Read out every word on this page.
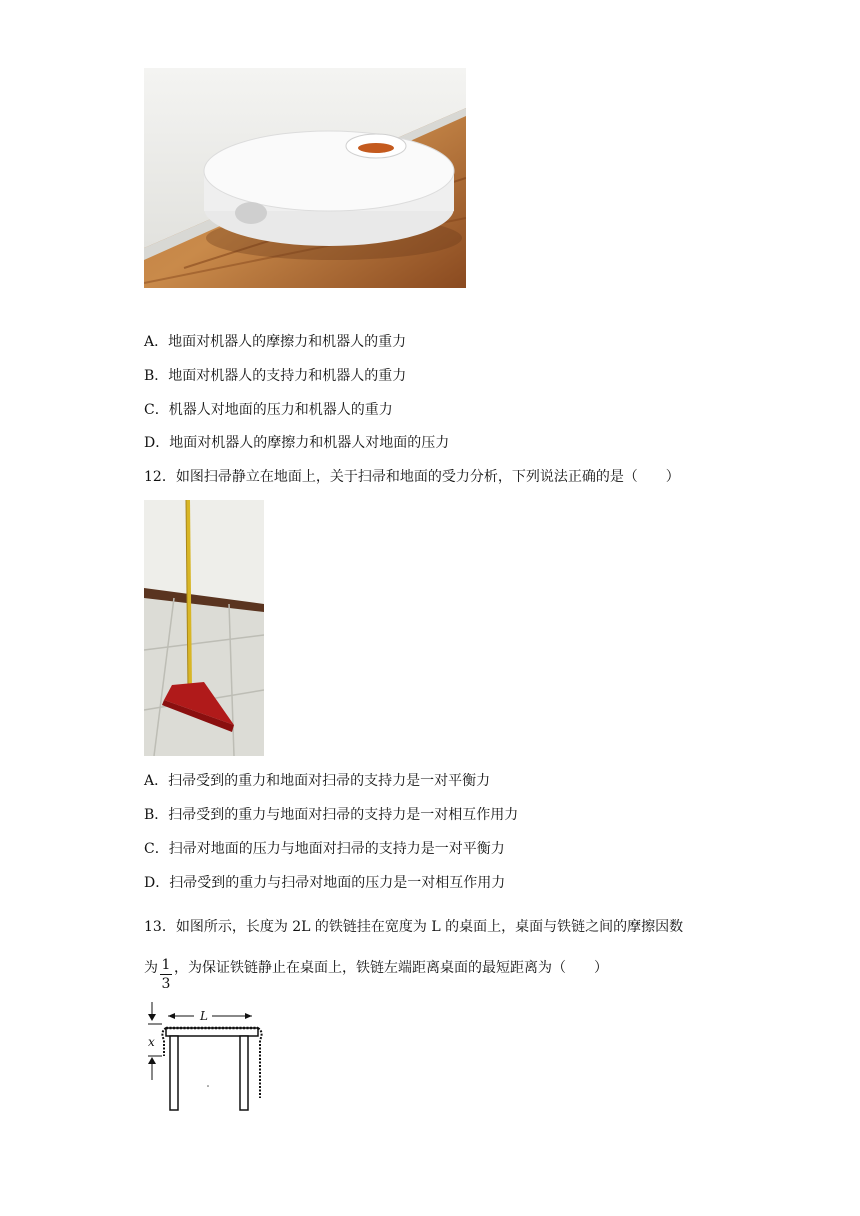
A．地面对机器人的摩擦力和机器人的重力
B．地面对机器人的支持力和机器人的重力
C．机器人对地面的压力和机器人的重力
D．地面对机器人的摩擦力和机器人对地面的压力
12．如图扫帚静立在地面上，关于扫帚和地面的受力分析，下列说法正确的是（　　）
A．扫帚受到的重力和地面对扫帚的支持力是一对平衡力
B．扫帚受到的重力与地面对扫帚的支持力是一对相互作用力
C．扫帚对地面的压力与地面对扫帚的支持力是一对平衡力
D．扫帚受到的重力与扫帚对地面的压力是一对相互作用力
13．如图所示，长度为 2L 的铁链挂在宽度为 L 的桌面上，桌面与铁链之间的摩擦因数
为 1
3
，为保证铁链静止在桌面上，铁链左端距离桌面的最短距离为（　　）
x
L
